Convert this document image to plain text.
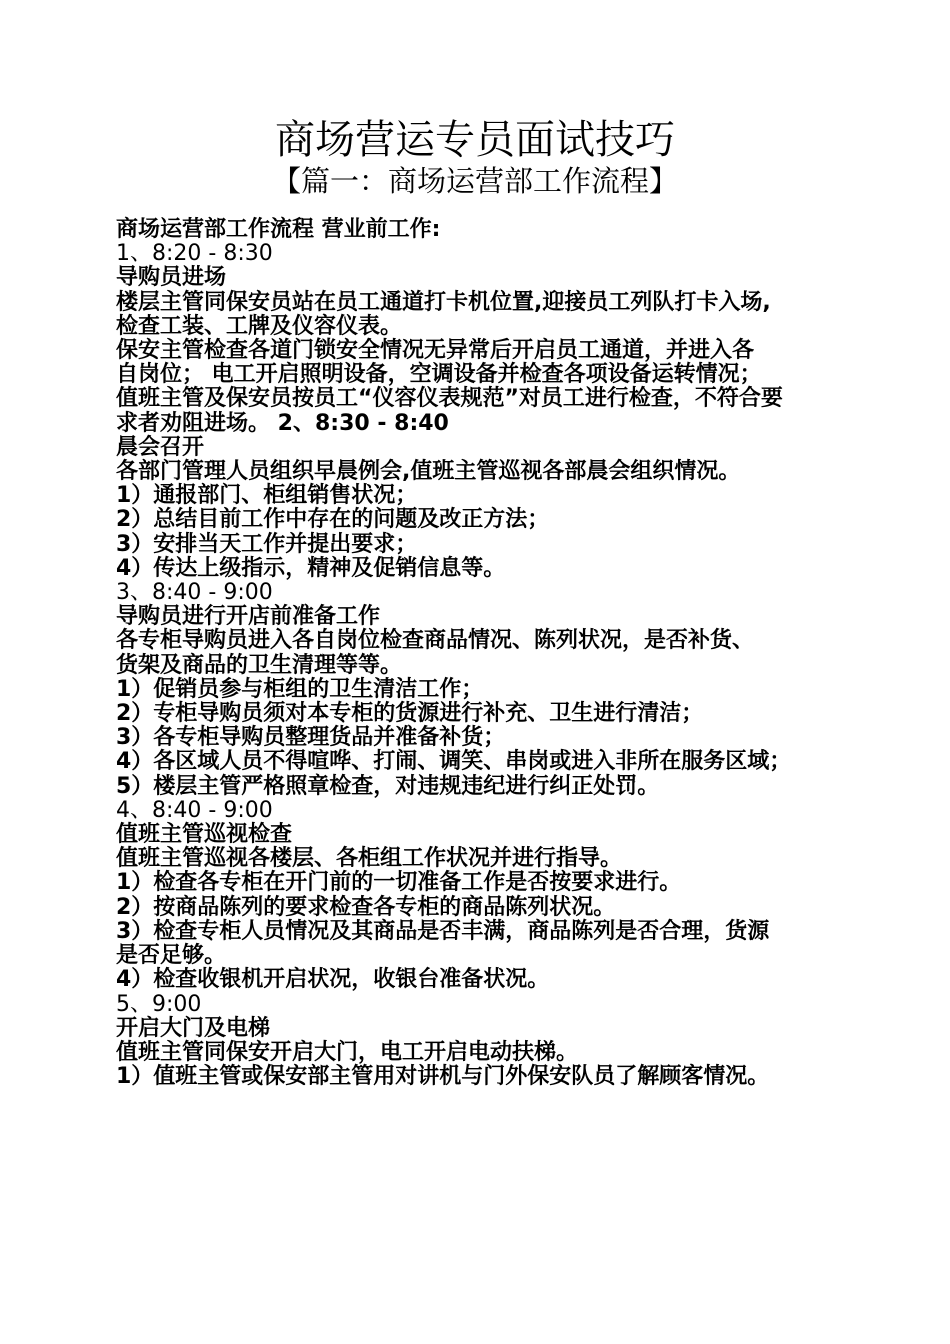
商场营运专员面试技巧
【篇一：商场运营部工作流程】
商场运营部工作流程 营业前工作:
1、8:20 - 8:30
导购员进场
楼层主管同保安员站在员工通道打卡机位置,迎接员工列队打卡入场,
检查工装、工牌及仪容仪表。
保安主管检查各道门锁安全情况无异常后开启员工通道，并进入各
自岗位； 电工开启照明设备，空调设备并检查各项设备运转情况；
值班主管及保安员按员工“仪容仪表规范”对员工进行检查，不符合要
求者劝阻进场。 2、8:30 - 8:40
晨会召开
各部门管理人员组织早晨例会,值班主管巡视各部晨会组织情况。
1）通报部门、柜组销售状况；
2）总结目前工作中存在的问题及改正方法；
3）安排当天工作并提出要求；
4）传达上级指示，精神及促销信息等。
3、8:40 - 9:00
导购员进行开店前准备工作
各专柜导购员进入各自岗位检查商品情况、陈列状况，是否补货、
货架及商品的卫生清理等等。
1）促销员参与柜组的卫生清洁工作；
2）专柜导购员须对本专柜的货源进行补充、卫生进行清洁；
3）各专柜导购员整理货品并准备补货；
4）各区域人员不得喧哗、打闹、调笑、串岗或进入非所在服务区域；
5）楼层主管严格照章检查，对违规违纪进行纠正处罚。
4、8:40 - 9:00
值班主管巡视检查
值班主管巡视各楼层、各柜组工作状况并进行指导。
1）检查各专柜在开门前的一切准备工作是否按要求进行。
2）按商品陈列的要求检查各专柜的商品陈列状况。
3）检查专柜人员情况及其商品是否丰满，商品陈列是否合理，货源
是否足够。
4）检查收银机开启状况，收银台准备状况。
5、9:00
开启大门及电梯
值班主管同保安开启大门，电工开启电动扶梯。
1）值班主管或保安部主管用对讲机与门外保安队员了解顾客情况。
